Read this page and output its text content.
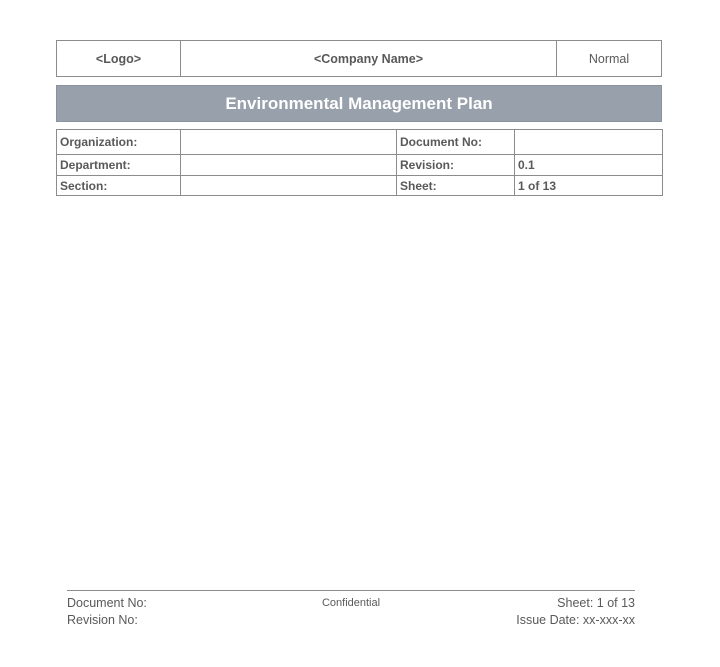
<Logo>	<Company Name>	Normal
Environmental Management Plan
Organization:		Document No:	
Department:		Revision:	0.1
Section:		Sheet:	1 of 13
Document No:	Confidential	Sheet: 1 of 13
Revision No:	Issue Date: xx-xxx-xx
